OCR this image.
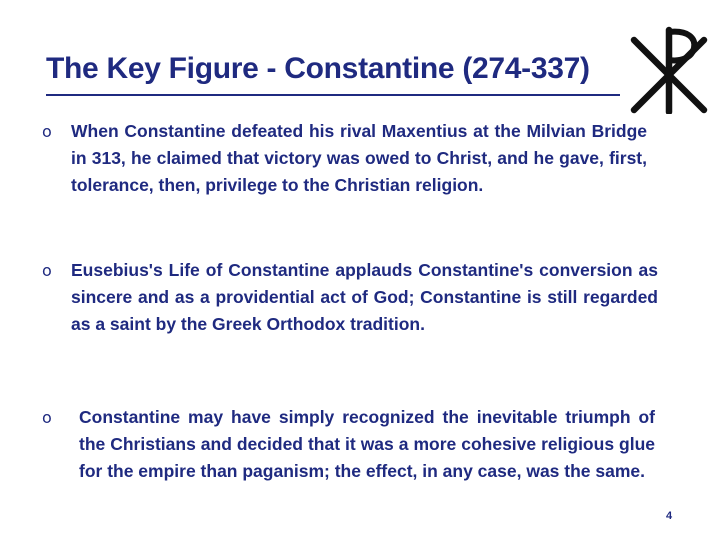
The Key Figure - Constantine (274-337)
o When Constantine defeated his rival Maxentius at the Milvian Bridge in 313, he claimed that victory was owed to Christ, and he gave, first, tolerance, then, privilege to the Christian religion.
o Eusebius's Life of Constantine applauds Constantine's conversion as sincere and as a providential act of God; Constantine is still regarded as a saint by the Greek Orthodox tradition.
o Constantine may have simply recognized the inevitable triumph of the Christians and decided that it was a more cohesive religious glue for the empire than paganism; the effect, in any case, was the same.
4
